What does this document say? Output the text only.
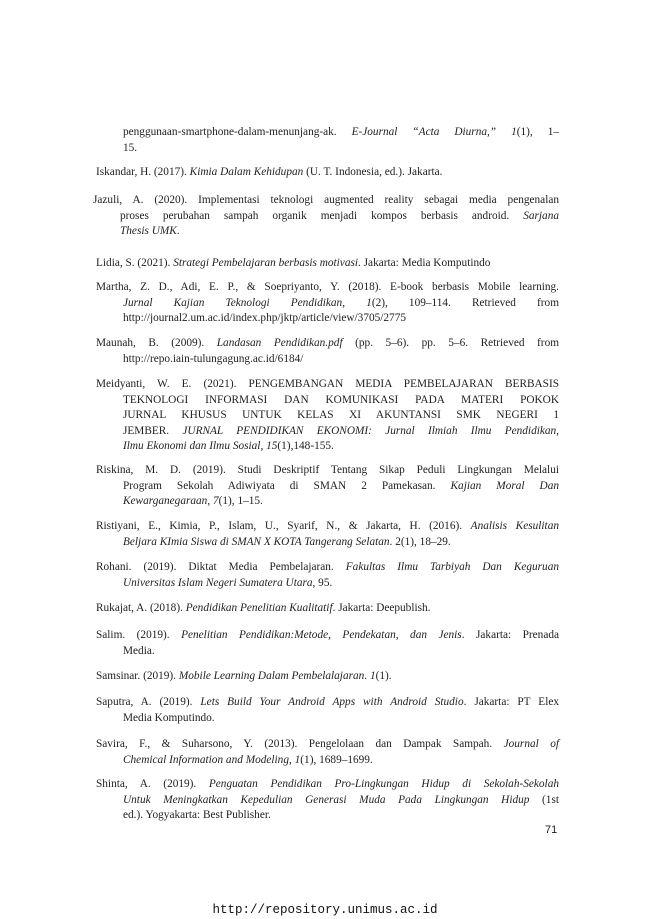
penggunaan-smartphone-dalam-menunjang-ak. E-Journal “Acta Diurna,” 1(1), 1–
15.
Iskandar, H. (2017). Kimia Dalam Kehidupan (U. T. Indonesia, ed.). Jakarta.
Jazuli, A. (2020). Implementasi teknologi augmented reality sebagai media pengenalan
proses perubahan sampah organik menjadi kompos berbasis android. Sarjana
Thesis UMK.
Lidia, S. (2021). Strategi Pembelajaran berbasis motivasi. Jakarta: Media Komputindo
Martha, Z. D., Adi, E. P., & Soepriyanto, Y. (2018). E-book berbasis Mobile learning.
Jurnal Kajian Teknologi Pendidikan, 1(2), 109–114. Retrieved from
http://journal2.um.ac.id/index.php/jktp/article/view/3705/2775
Maunah, B. (2009). Landasan Pendidikan.pdf (pp. 5–6). pp. 5–6. Retrieved from
http://repo.iain-tulungagung.ac.id/6184/
Meidyanti, W. E. (2021). PENGEMBANGAN MEDIA PEMBELAJARAN BERBASIS
TEKNOLOGI INFORMASI DAN KOMUNIKASI PADA MATERI POKOK
JURNAL KHUSUS UNTUK KELAS XI AKUNTANSI SMK NEGERI 1
JEMBER. JURNAL PENDIDIKAN EKONOMI: Jurnal Ilmiah Ilmu Pendidikan,
Ilmu Ekonomi dan Ilmu Sosial, 15(1),148-155.
Riskina, M. D. (2019). Studi Deskriptif Tentang Sikap Peduli Lingkungan Melalui
Program Sekolah Adiwiyata di SMAN 2 Pamekasan. Kajian Moral Dan
Kewarganegaraan, 7(1), 1–15.
Ristiyani, E., Kimia, P., Islam, U., Syarif, N., & Jakarta, H. (2016). Analisis Kesulitan
Beljara KImia Siswa di SMAN X KOTA Tangerang Selatan. 2(1), 18–29.
Rohani. (2019). Diktat Media Pembelajaran. Fakultas Ilmu Tarbiyah Dan Keguruan
Universitas Islam Negeri Sumatera Utara, 95.
Rukajat, A. (2018). Pendidikan Penelitian Kualitatif. Jakarta: Deepublish.
Salim. (2019). Penelitian Pendidikan:Metode, Pendekatan, dan Jenis. Jakarta: Prenada
Media.
Samsinar. (2019). Mobile Learning Dalam Pembelalajaran. 1(1).
Saputra, A. (2019). Lets Build Your Android Apps with Android Studio. Jakarta: PT Elex
Media Komputindo.
Savira, F., & Suharsono, Y. (2013). Pengelolaan dan Dampak Sampah. Journal of
Chemical Information and Modeling, 1(1), 1689–1699.
Shinta, A. (2019). Penguatan Pendidikan Pro-Lingkungan Hidup di Sekolah-Sekolah
Untuk Meningkatkan Kepedulian Generasi Muda Pada Lingkungan Hidup (1st
ed.). Yogyakarta: Best Publisher.
71
http://repository.unimus.ac.id
